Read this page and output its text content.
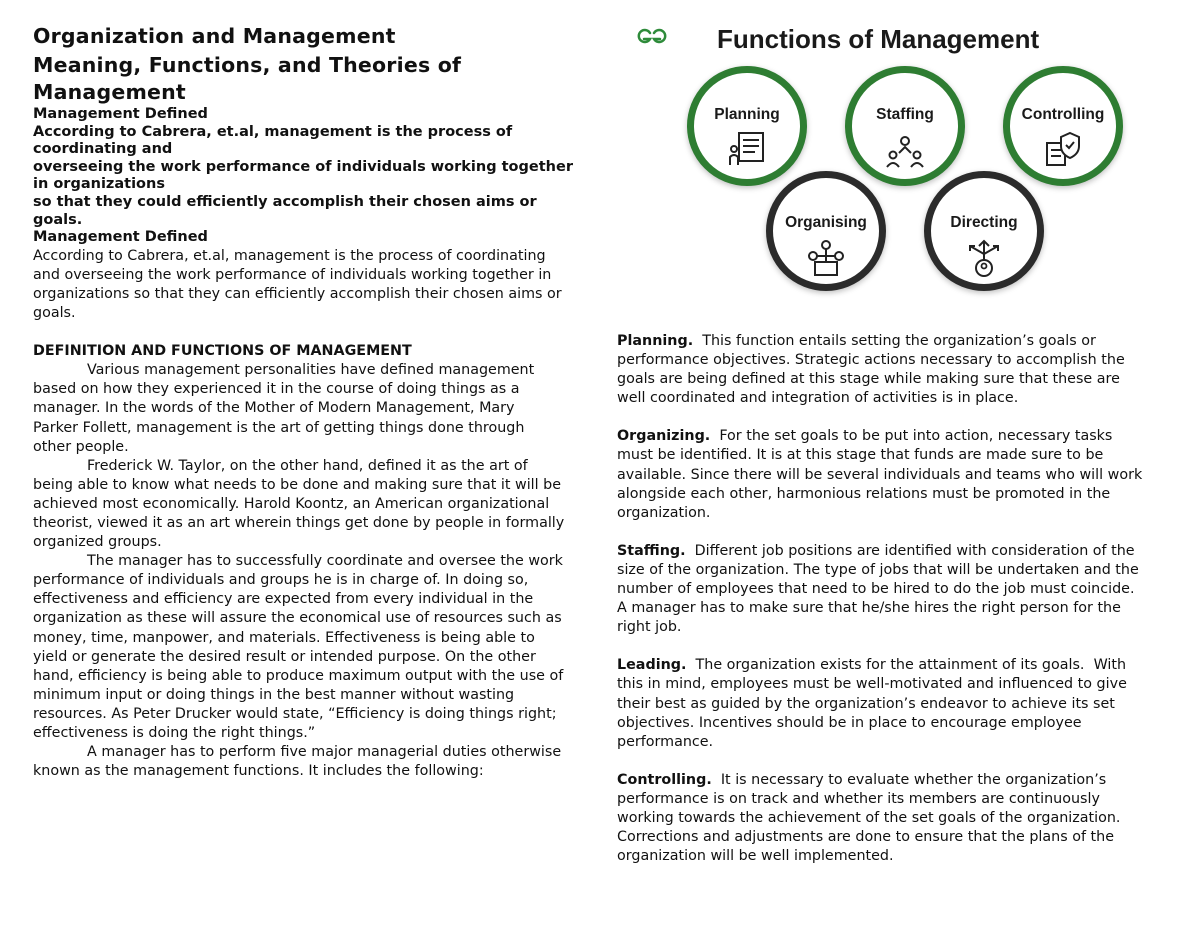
Organization and Management
Meaning, Functions, and Theories of
Management
Management Defined
According to Cabrera, et.al, management is the process of
coordinating and
overseeing the work performance of individuals working together
in organizations
so that they could efficiently accomplish their chosen aims or
goals.
Management Defined
According to Cabrera, et.al, management is the process of coordinating
and overseeing the work performance of individuals working together in
organizations so that they can efficiently accomplish their chosen aims or
goals.
DEFINITION AND FUNCTIONS OF MANAGEMENT
Various management personalities have defined management
based on how they experienced it in the course of doing things as a
manager. In the words of the Mother of Modern Management, Mary
Parker Follett, management is the art of getting things done through
other people.
Frederick W. Taylor, on the other hand, defined it as the art of
being able to know what needs to be done and making sure that it will be
achieved most economically. Harold Koontz, an American organizational
theorist, viewed it as an art wherein things get done by people in formally
organized groups.
The manager has to successfully coordinate and oversee the work
performance of individuals and groups he is in charge of. In doing so,
effectiveness and efficiency are expected from every individual in the
organization as these will assure the economical use of resources such as
money, time, manpower, and materials. Effectiveness is being able to
yield or generate the desired result or intended purpose. On the other
hand, efficiency is being able to produce maximum output with the use of
minimum input or doing things in the best manner without wasting
resources. As Peter Drucker would state, “Efficiency is doing things right;
effectiveness is doing the right things.”
A manager has to perform five major managerial duties otherwise
known as the management functions. It includes the following:
Functions of Management
Planning	Staffing	Controlling
Organising	Directing
Planning.  This function entails setting the organization’s goals or
performance objectives. Strategic actions necessary to accomplish the
goals are being defined at this stage while making sure that these are
well coordinated and integration of activities is in place.
Organizing.  For the set goals to be put into action, necessary tasks
must be identified. It is at this stage that funds are made sure to be
available. Since there will be several individuals and teams who will work
alongside each other, harmonious relations must be promoted in the
organization.
Staffing.  Different job positions are identified with consideration of the
size of the organization. The type of jobs that will be undertaken and the
number of employees that need to be hired to do the job must coincide.
A manager has to make sure that he/she hires the right person for the
right job.
Leading.  The organization exists for the attainment of its goals.  With
this in mind, employees must be well-motivated and influenced to give
their best as guided by the organization’s endeavor to achieve its set
objectives. Incentives should be in place to encourage employee
performance.
Controlling.  It is necessary to evaluate whether the organization’s
performance is on track and whether its members are continuously
working towards the achievement of the set goals of the organization.
Corrections and adjustments are done to ensure that the plans of the
organization will be well implemented.
